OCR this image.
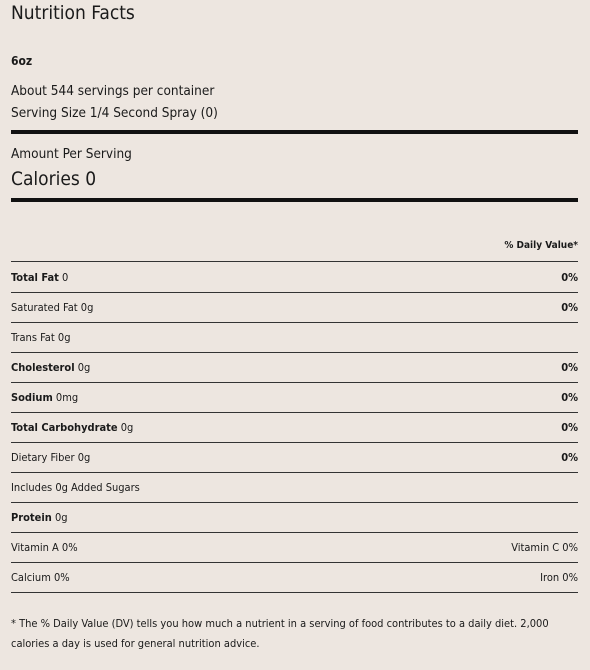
Nutrition Facts
6oz
About 544 servings per container
Serving Size 1/4 Second Spray (0)
Amount Per Serving
Calories 0
% Daily Value*
Total Fat 0	0%
Saturated Fat 0g	0%
Trans Fat 0g
Cholesterol 0g	0%
Sodium 0mg	0%
Total Carbohydrate 0g	0%
Dietary Fiber 0g	0%
Includes 0g Added Sugars
Protein 0g
Vitamin A 0%	Vitamin C 0%
Calcium 0%	Iron 0%
* The % Daily Value (DV) tells you how much a nutrient in a serving of food contributes to a daily diet. 2,000 calories a day is used for general nutrition advice.
